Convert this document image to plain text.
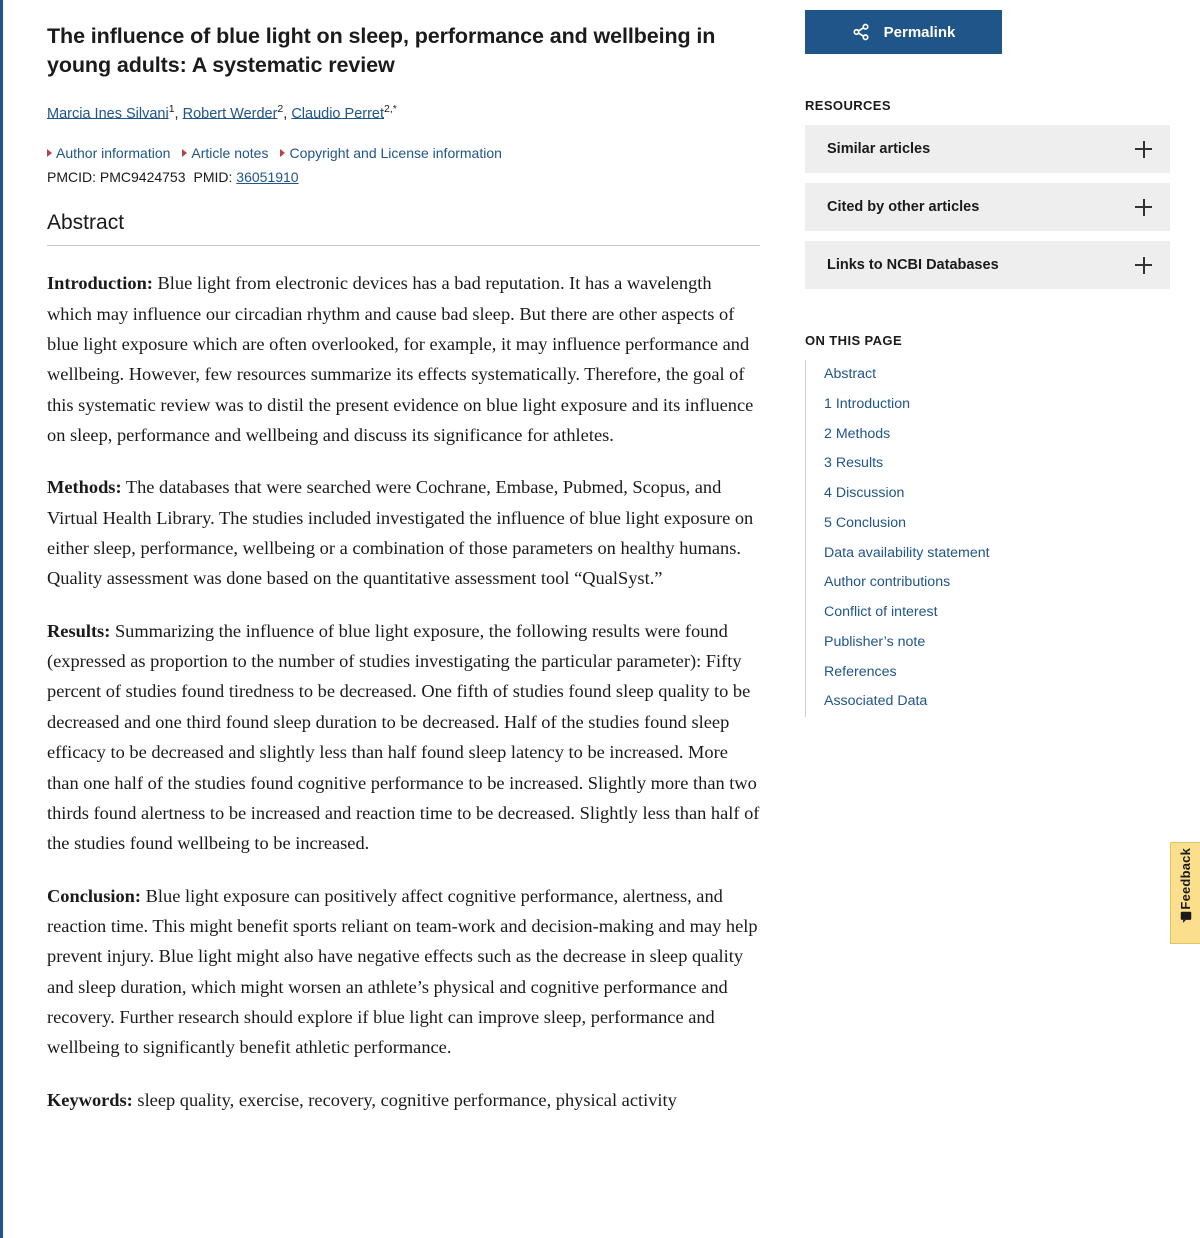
The influence of blue light on sleep, performance and wellbeing in young adults: A systematic review
Marcia Ines Silvani$^1$, Robert Werder$^2$, Claudio Perret$^{2,*}$
Author information Article notes Copyright and License information
PMCID: PMC9424753 PMID: 36051910
Abstract

Introduction: Blue light from electronic devices has a bad reputation. It has a wavelength which may influence our circadian rhythm and cause bad sleep. But there are other aspects of blue light exposure which are often overlooked, for example, it may influence performance and wellbeing. However, few resources summarize its effects systematically. Therefore, the goal of this systematic review was to distil the present evidence on blue light exposure and its influence on sleep, performance and wellbeing and discuss its significance for athletes.

Methods: The databases that were searched were Cochrane, Embase, Pubmed, Scopus, and Virtual Health Library. The studies included investigated the influence of blue light exposure on either sleep, performance, wellbeing or a combination of those parameters on healthy humans. Quality assessment was done based on the quantitative assessment tool “QualSyst.”

Results: Summarizing the influence of blue light exposure, the following results were found (expressed as proportion to the number of studies investigating the particular parameter): Fifty percent of studies found tiredness to be decreased. One fifth of studies found sleep quality to be decreased and one third found sleep duration to be decreased. Half of the studies found sleep efficacy to be decreased and slightly less than half found sleep latency to be increased. More than one half of the studies found cognitive performance to be increased. Slightly more than two thirds found alertness to be increased and reaction time to be decreased. Slightly less than half of the studies found wellbeing to be increased.

Conclusion: Blue light exposure can positively affect cognitive performance, alertness, and reaction time. This might benefit sports reliant on team-work and decision-making and may help prevent injury. Blue light might also have negative effects such as the decrease in sleep quality and sleep duration, which might worsen an athlete’s physical and cognitive performance and recovery. Further research should explore if blue light can improve sleep, performance and wellbeing to significantly benefit athletic performance.

Keywords: sleep quality, exercise, recovery, cognitive performance, physical activity

Permalink
RESOURCES
Similar articles
Cited by other articles
Links to NCBI Databases
ON THIS PAGE
Abstract
1 Introduction
2 Methods
3 Results
4 Discussion
5 Conclusion
Data availability statement
Author contributions
Conflict of interest
Publisher’s note
References
Associated Data
Feedback
